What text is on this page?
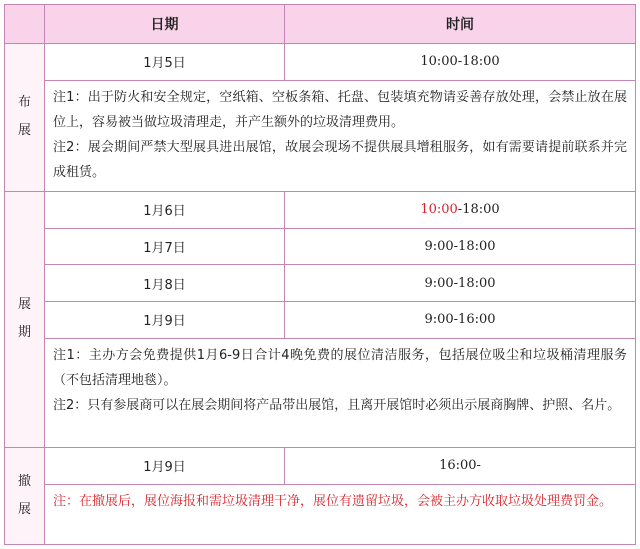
	日期	时间

布
展	1月5日	10:00-18:00

	注1：出于防火和安全规定，空纸箱、空板条箱、托盘、包装填充物请妥善存放处理，会禁止放在展位上，容易被当做垃圾清理走，并产生额外的垃圾清理费用。

注2：展会期间严禁大型展具进出展馆，故展会现场不提供展具增租服务，如有需要请提前联系并完成租赁。	

展
期	1月6日	10:00-18:00
	1月7日	9:00-18:00
	1月8日	9:00-18:00
	1月9日	9:00-16:00

	注1：主办方会免费提供1月6-9日合计4晚免费的展位清洁服务，包括展位吸尘和垃圾桶清理服务（不包括清理地毯）。

注2：只有参展商可以在展会期间将产品带出展馆，且离开展馆时必须出示展商胸牌、护照、名片。	

撤
展	1月9日	16:00-

	注：在撤展后，展位海报和需垃圾清理干净，展位有遗留垃圾，会被主办方收取垃圾处理费罚金。	
